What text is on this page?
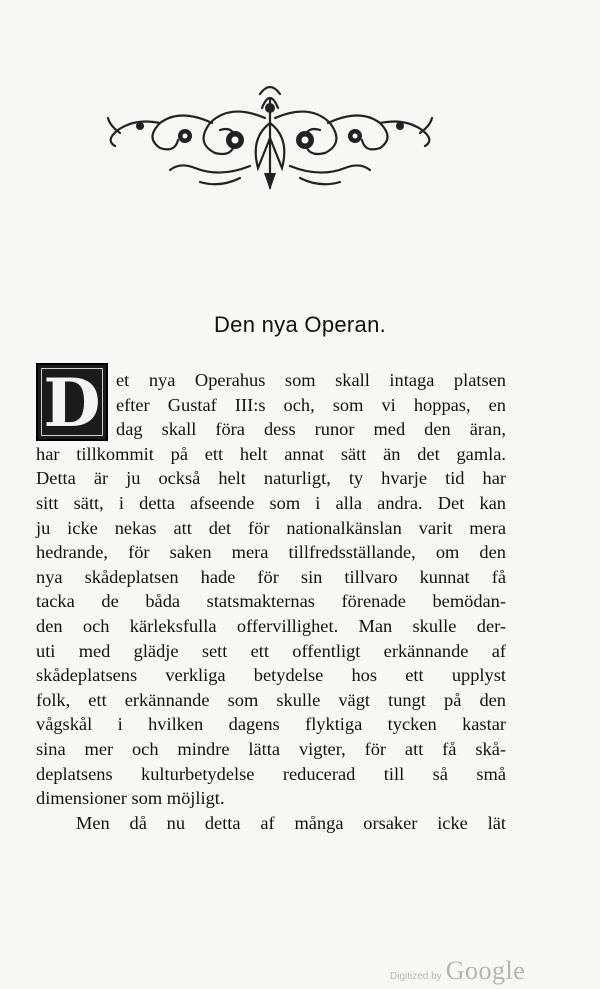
Den nya Operan.
D et nya Operahus som skall intaga platsen
efter Gustaf III:s och, som vi hoppas, en
dag skall föra dess runor med den äran,
har tillkommit på ett helt annat sätt än det gamla.
Detta är ju också helt naturligt, ty hvarje tid har
sitt sätt, i detta afseende som i alla andra. Det kan
ju icke nekas att det för nationalkänslan varit mera
hedrande, för saken mera tillfredsställande, om den
nya skådeplatsen hade för sin tillvaro kunnat få
tacka de båda statsmakternas förenade bemödan-
den och kärleksfulla offervillighet. Man skulle der-
uti med glädje sett ett offentligt erkännande af
skådeplatsens verkliga betydelse hos ett upplyst
folk, ett erkännande som skulle vägt tungt på den
vågskål i hvilken dagens flyktiga tycken kastar
sina mer och mindre lätta vigter, för att få skå-
deplatsens kulturbetydelse reducerad till så små
dimensioner som möjligt.
Men då nu detta af många orsaker icke lät
Digitized by Google
